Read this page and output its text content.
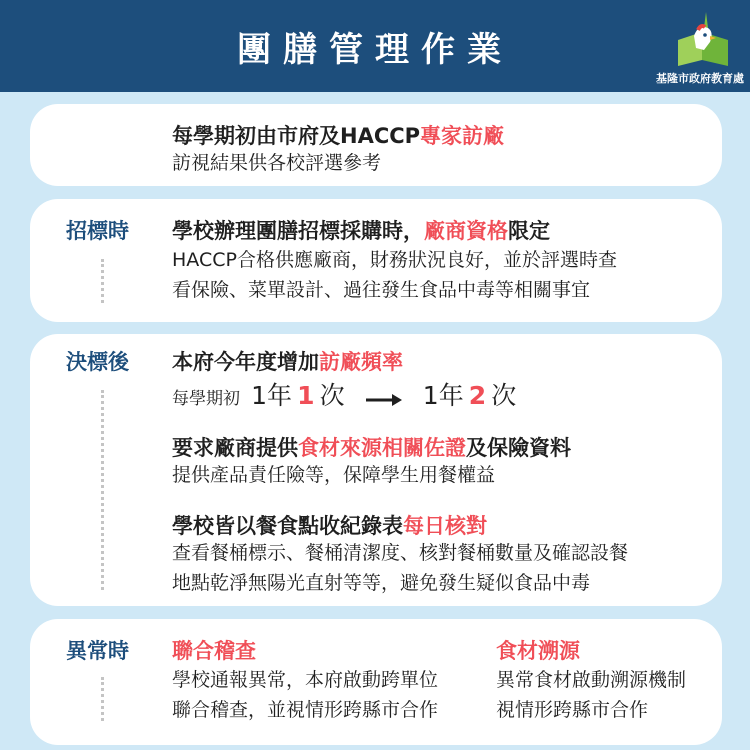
團膳管理作業
基隆市政府教育處
每學期初由市府及HACCP專家訪廠
訪視結果供各校評選參考
招標時 學校辦理團膳招標採購時，廠商資格限定
HACCP合格供應廠商，財務狀況良好，並於評選時查
看保險、菜單設計、過往發生食品中毒等相關事宜
決標後 本府今年度增加訪廠頻率
每學期初 1年 1 次	1年 2 次
要求廠商提供食材來源相關佐證及保險資料
提供產品責任險等，保障學生用餐權益
學校皆以餐食點收紀錄表每日核對
查看餐桶標示、餐桶清潔度、核對餐桶數量及確認設餐
地點乾淨無陽光直射等等，避免發生疑似食品中毒
異常時 聯合稽查
學校通報異常，本府啟動跨單位
聯合稽查，並視情形跨縣市合作
食材溯源
異常食材啟動溯源機制
視情形跨縣市合作
